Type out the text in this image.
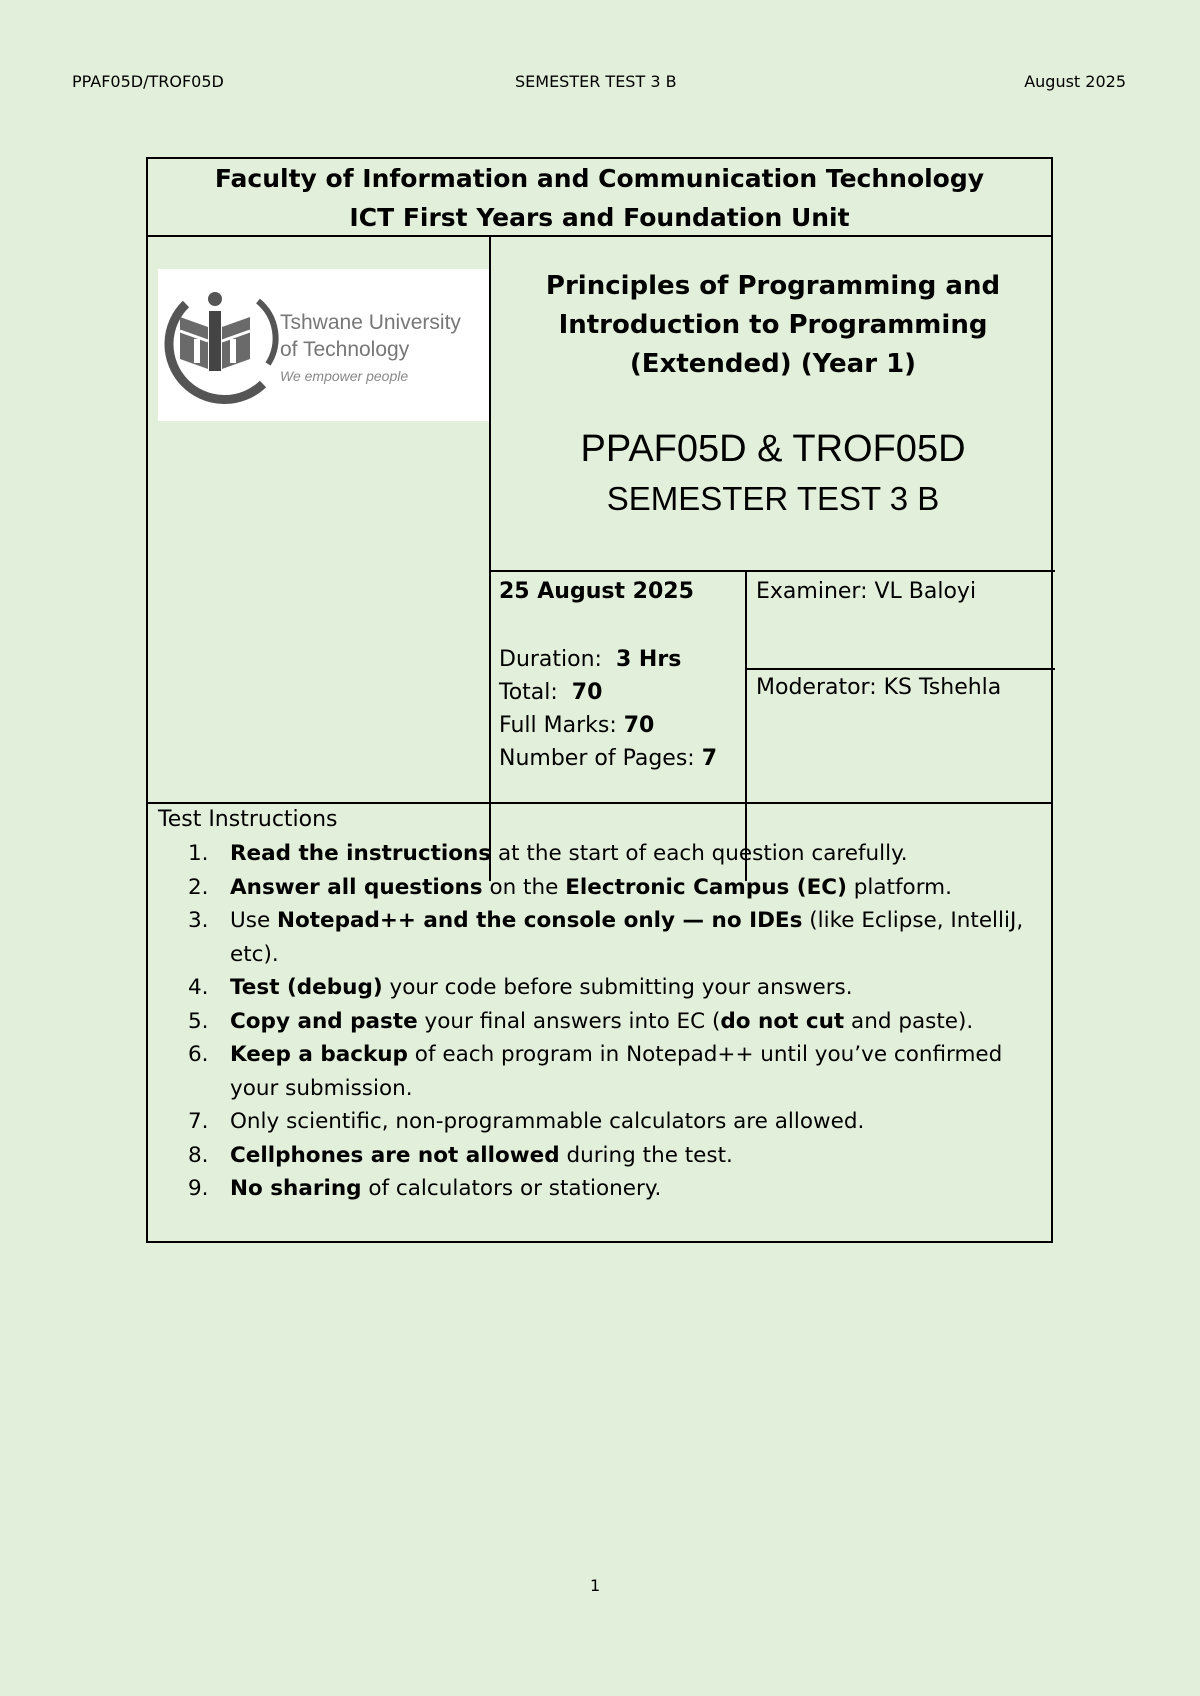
PPAF05D/TROF05D	SEMESTER TEST 3 B	August 2025
Faculty of Information and Communication Technology
ICT First Years and Foundation Unit
Tshwane University
of Technology
We empower people
Principles of Programming and
Introduction to Programming
(Extended) (Year 1)
PPAF05D & TROF05D
SEMESTER TEST 3 B
25 August 2025
Duration: 3 Hrs
Total: 70
Full Marks: 70
Number of Pages: 7
Examiner: VL Baloyi
Moderator: KS Tshehla
Test Instructions
1. Read the instructions at the start of each question carefully.
2. Answer all questions on the Electronic Campus (EC) platform.
3. Use Notepad++ and the console only — no IDEs (like Eclipse, IntelliJ, etc).
4. Test (debug) your code before submitting your answers.
5. Copy and paste your final answers into EC (do not cut and paste).
6. Keep a backup of each program in Notepad++ until you’ve confirmed your submission.
7. Only scientific, non-programmable calculators are allowed.
8. Cellphones are not allowed during the test.
9. No sharing of calculators or stationery.
1
